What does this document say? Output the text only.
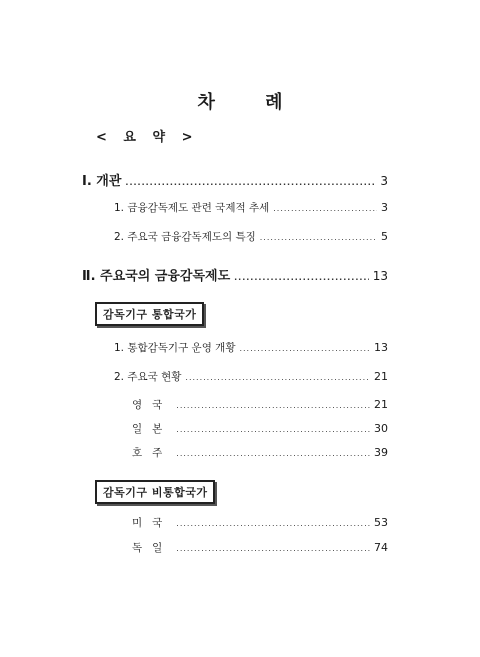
차 례
< 요 약 >
Ⅰ. 개관 .....	3
1. 금융감독제도 관련 국제적 추세 .....	3
2. 주요국 금융감독제도의 특징 .....	5
Ⅱ. 주요국의 금융감독제도 .....	13
감독기구 통합국가
1. 통합감독기구 운영 개황 .....	13
2. 주요국 현황 .....	21
영국 .....	21
일본 .....	30
호주 .....	39
감독기구 비통합국가
미국 .....	53
독일 .....	74
